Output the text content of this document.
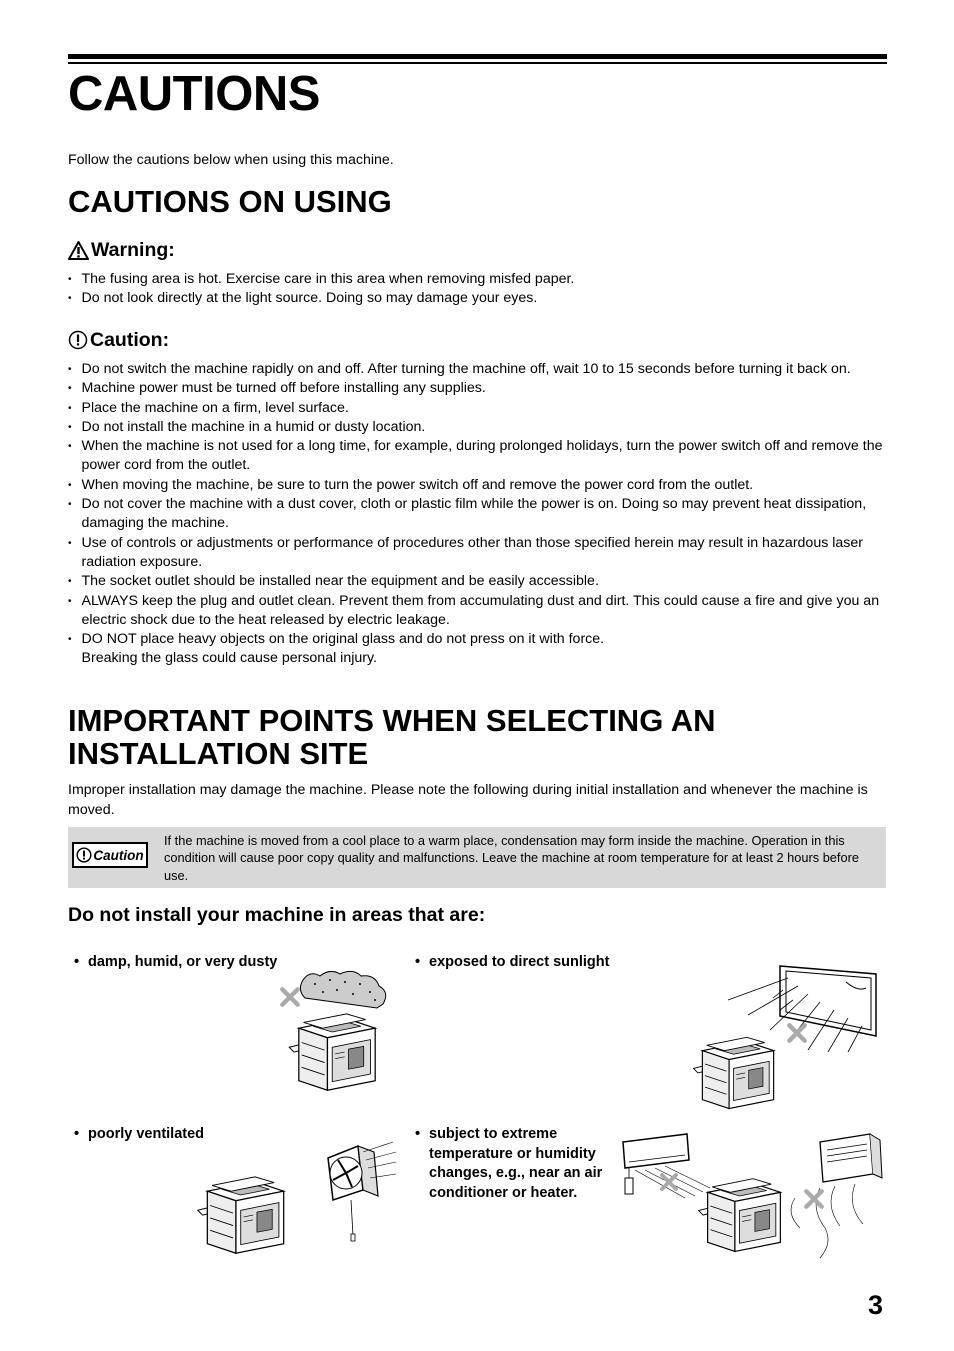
CAUTIONS

Follow the cautions below when using this machine.

CAUTIONS ON USING
Warning:
• The fusing area is hot. Exercise care in this area when removing misfed paper.
• Do not look directly at the light source. Doing so may damage your eyes.
Caution:
• Do not switch the machine rapidly on and off. After turning the machine off, wait 10 to 15 seconds before turning it back on.
• Machine power must be turned off before installing any supplies.
• Place the machine on a firm, level surface.
• Do not install the machine in a humid or dusty location.
• When the machine is not used for a long time, for example, during prolonged holidays, turn the power switch off and remove the power cord from the outlet.
• When moving the machine, be sure to turn the power switch off and remove the power cord from the outlet.
• Do not cover the machine with a dust cover, cloth or plastic film while the power is on. Doing so may prevent heat dissipation, damaging the machine.
• Use of controls or adjustments or performance of procedures other than those specified herein may result in hazardous laser radiation exposure.
• The socket outlet should be installed near the equipment and be easily accessible.
• ALWAYS keep the plug and outlet clean. Prevent them from accumulating dust and dirt. This could cause a fire and give you an electric shock due to the heat released by electric leakage.
• DO NOT place heavy objects on the original glass and do not press on it with force.
Breaking the glass could cause personal injury.
IMPORTANT POINTS WHEN SELECTING AN
INSTALLATION SITE

Improper installation may damage the machine. Please note the following during initial installation and whenever the machine is moved.

Caution

If the machine is moved from a cool place to a warm place, condensation may form inside the machine. Operation in this condition will cause poor copy quality and malfunctions. Leave the machine at room temperature for at least 2 hours before use.

Do not install your machine in areas that are:

• damp, humid, or very dusty	• exposed to direct sunlight

• poorly ventilated	• subject to extreme temperature or humidity changes, e.g., near an air conditioner or heater.

3
